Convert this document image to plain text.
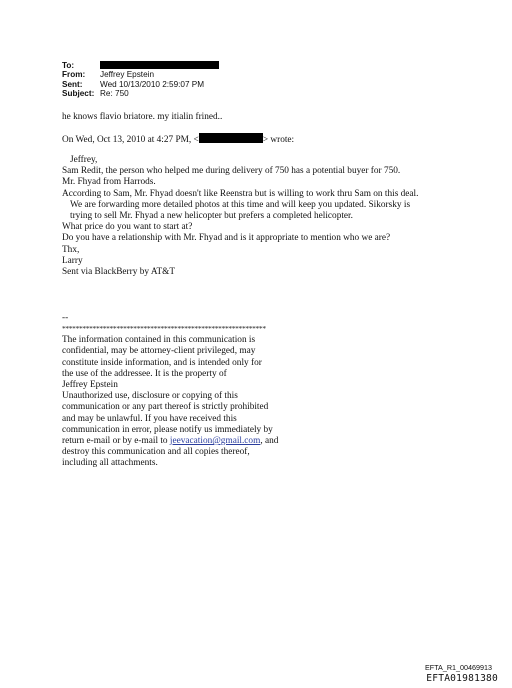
To:
From:	Jeffrey Epstein
Sent:	Wed 10/13/2010 2:59:07 PM
Subject: Re: 750
he knows flavio briatore. my itialin frined..
On Wed, Oct 13, 2010 at 4:27 PM, <	> wrote:
Jeffrey,
Sam Redit, the person who helped me during delivery of 750 has a potential buyer for 750.
Mr. Fhyad from Harrods.
According to Sam, Mr. Fhyad doesn't like Reenstra but is willing to work thru Sam on this deal.
We are forwarding more detailed photos at this time and will keep you updated. Sikorsky is
trying to sell Mr. Fhyad a new helicopter but prefers a completed helicopter.
What price do you want to start at?
Do you have a relationship with Mr. Fhyad and is it appropriate to mention who we are?
Thx,
Larry
Sent via BlackBerry by AT&T
--
************************************************************
The information contained in this communication is
confidential, may be attorney-client privileged, may
constitute inside information, and is intended only for
the use of the addressee. It is the property of
Jeffrey Epstein
Unauthorized use, disclosure or copying of this
communication or any part thereof is strictly prohibited
and may be unlawful. If you have received this
communication in error, please notify us immediately by
return e-mail or by e-mail to jeevacation@gmail.com, and
destroy this communication and all copies thereof,
including all attachments.
EFTA_R1_00469913
EFTA01981380
